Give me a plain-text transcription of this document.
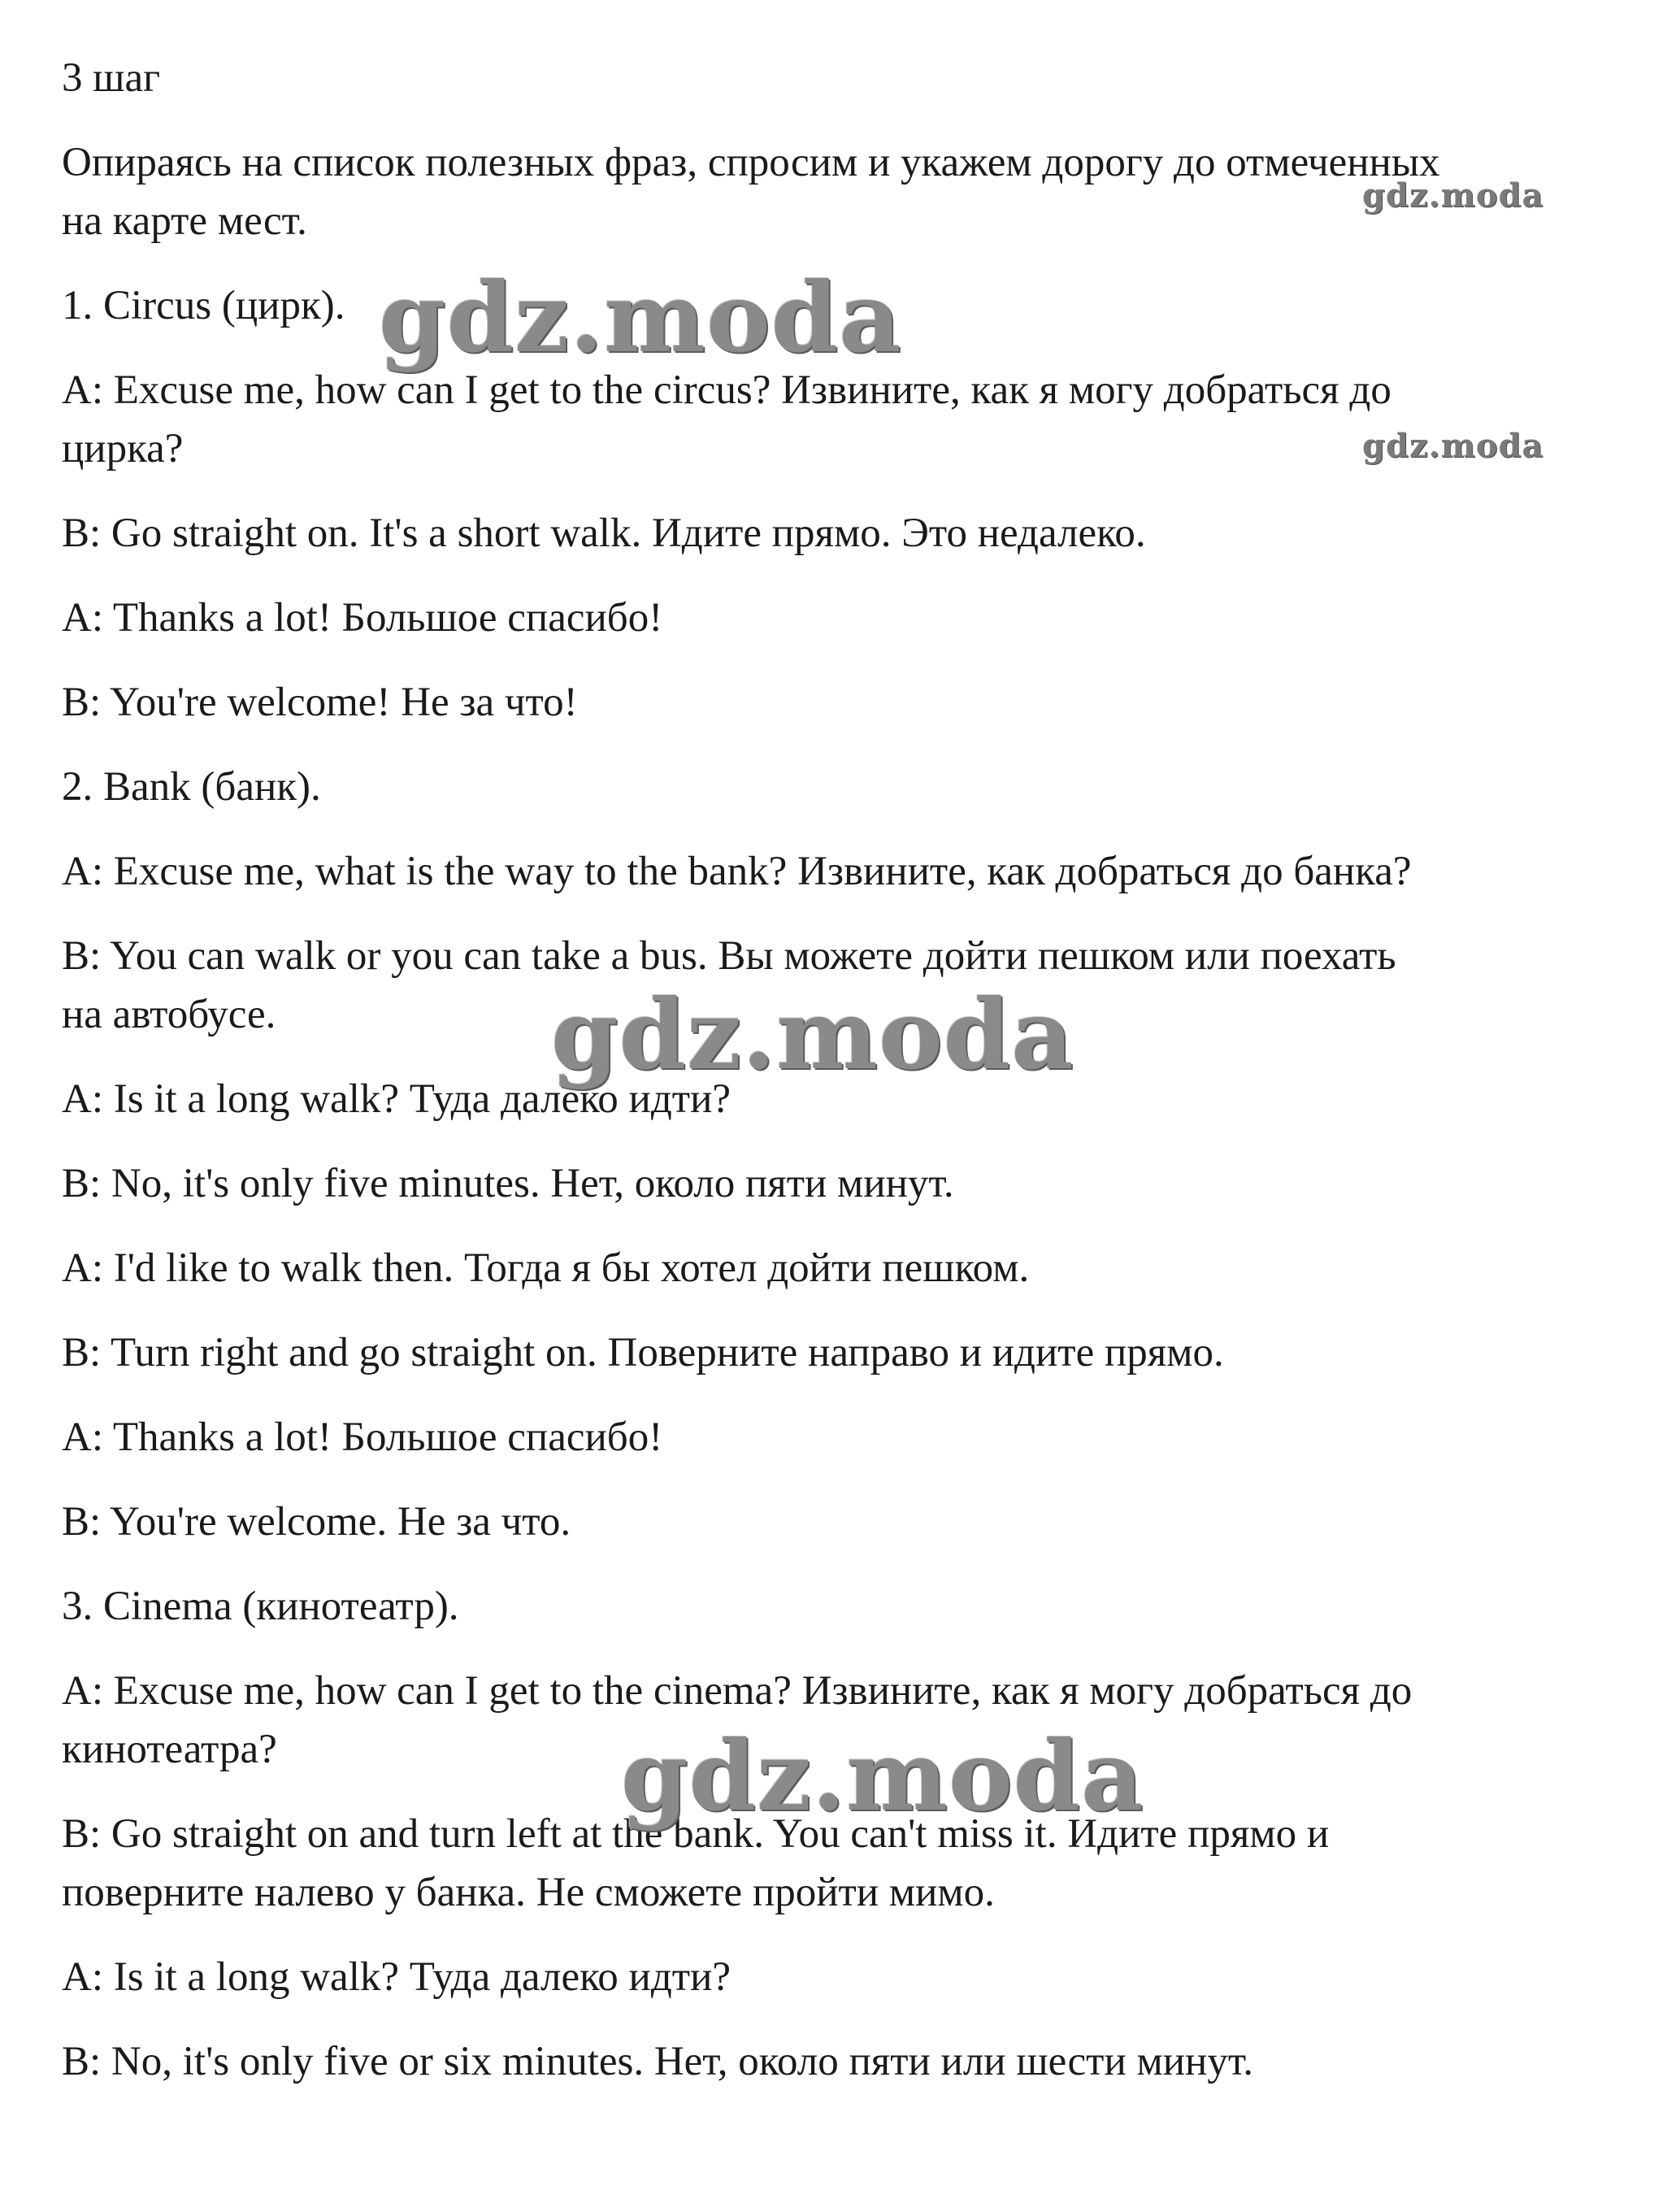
3 шаг
Опираясь на список полезных фраз, спросим и укажем дорогу до отмеченных
на карте мест.
1. Circus (цирк).
A: Excuse me, how can I get to the circus? Извините, как я могу добраться до
цирка?
B: Go straight on. It's a short walk. Идите прямо. Это недалеко.
A: Thanks a lot! Большое спасибо!
B: You're welcome! Не за что!
2. Bank (банк).
A: Excuse me, what is the way to the bank? Извините, как добраться до банка?
B: You can walk or you can take a bus. Вы можете дойти пешком или поехать
на автобусе.
A: Is it a long walk? Туда далеко идти?
B: No, it's only five minutes. Нет, около пяти минут.
A: I'd like to walk then. Тогда я бы хотел дойти пешком.
B: Turn right and go straight on. Поверните направо и идите прямо.
A: Thanks a lot! Большое спасибо!
B: You're welcome. Не за что.
3. Cinema (кинотеатр).
A: Excuse me, how can I get to the cinema? Извините, как я могу добраться до
кинотеатра?
B: Go straight on and turn left at the bank. You can't miss it. Идите прямо и
поверните налево у банка. Не сможете пройти мимо.
A: Is it a long walk? Туда далеко идти?
B: No, it's only five or six minutes. Нет, около пяти или шести минут.
gdz.moda
gdz.moda
gdz.moda
gdz.moda
gdz.moda
